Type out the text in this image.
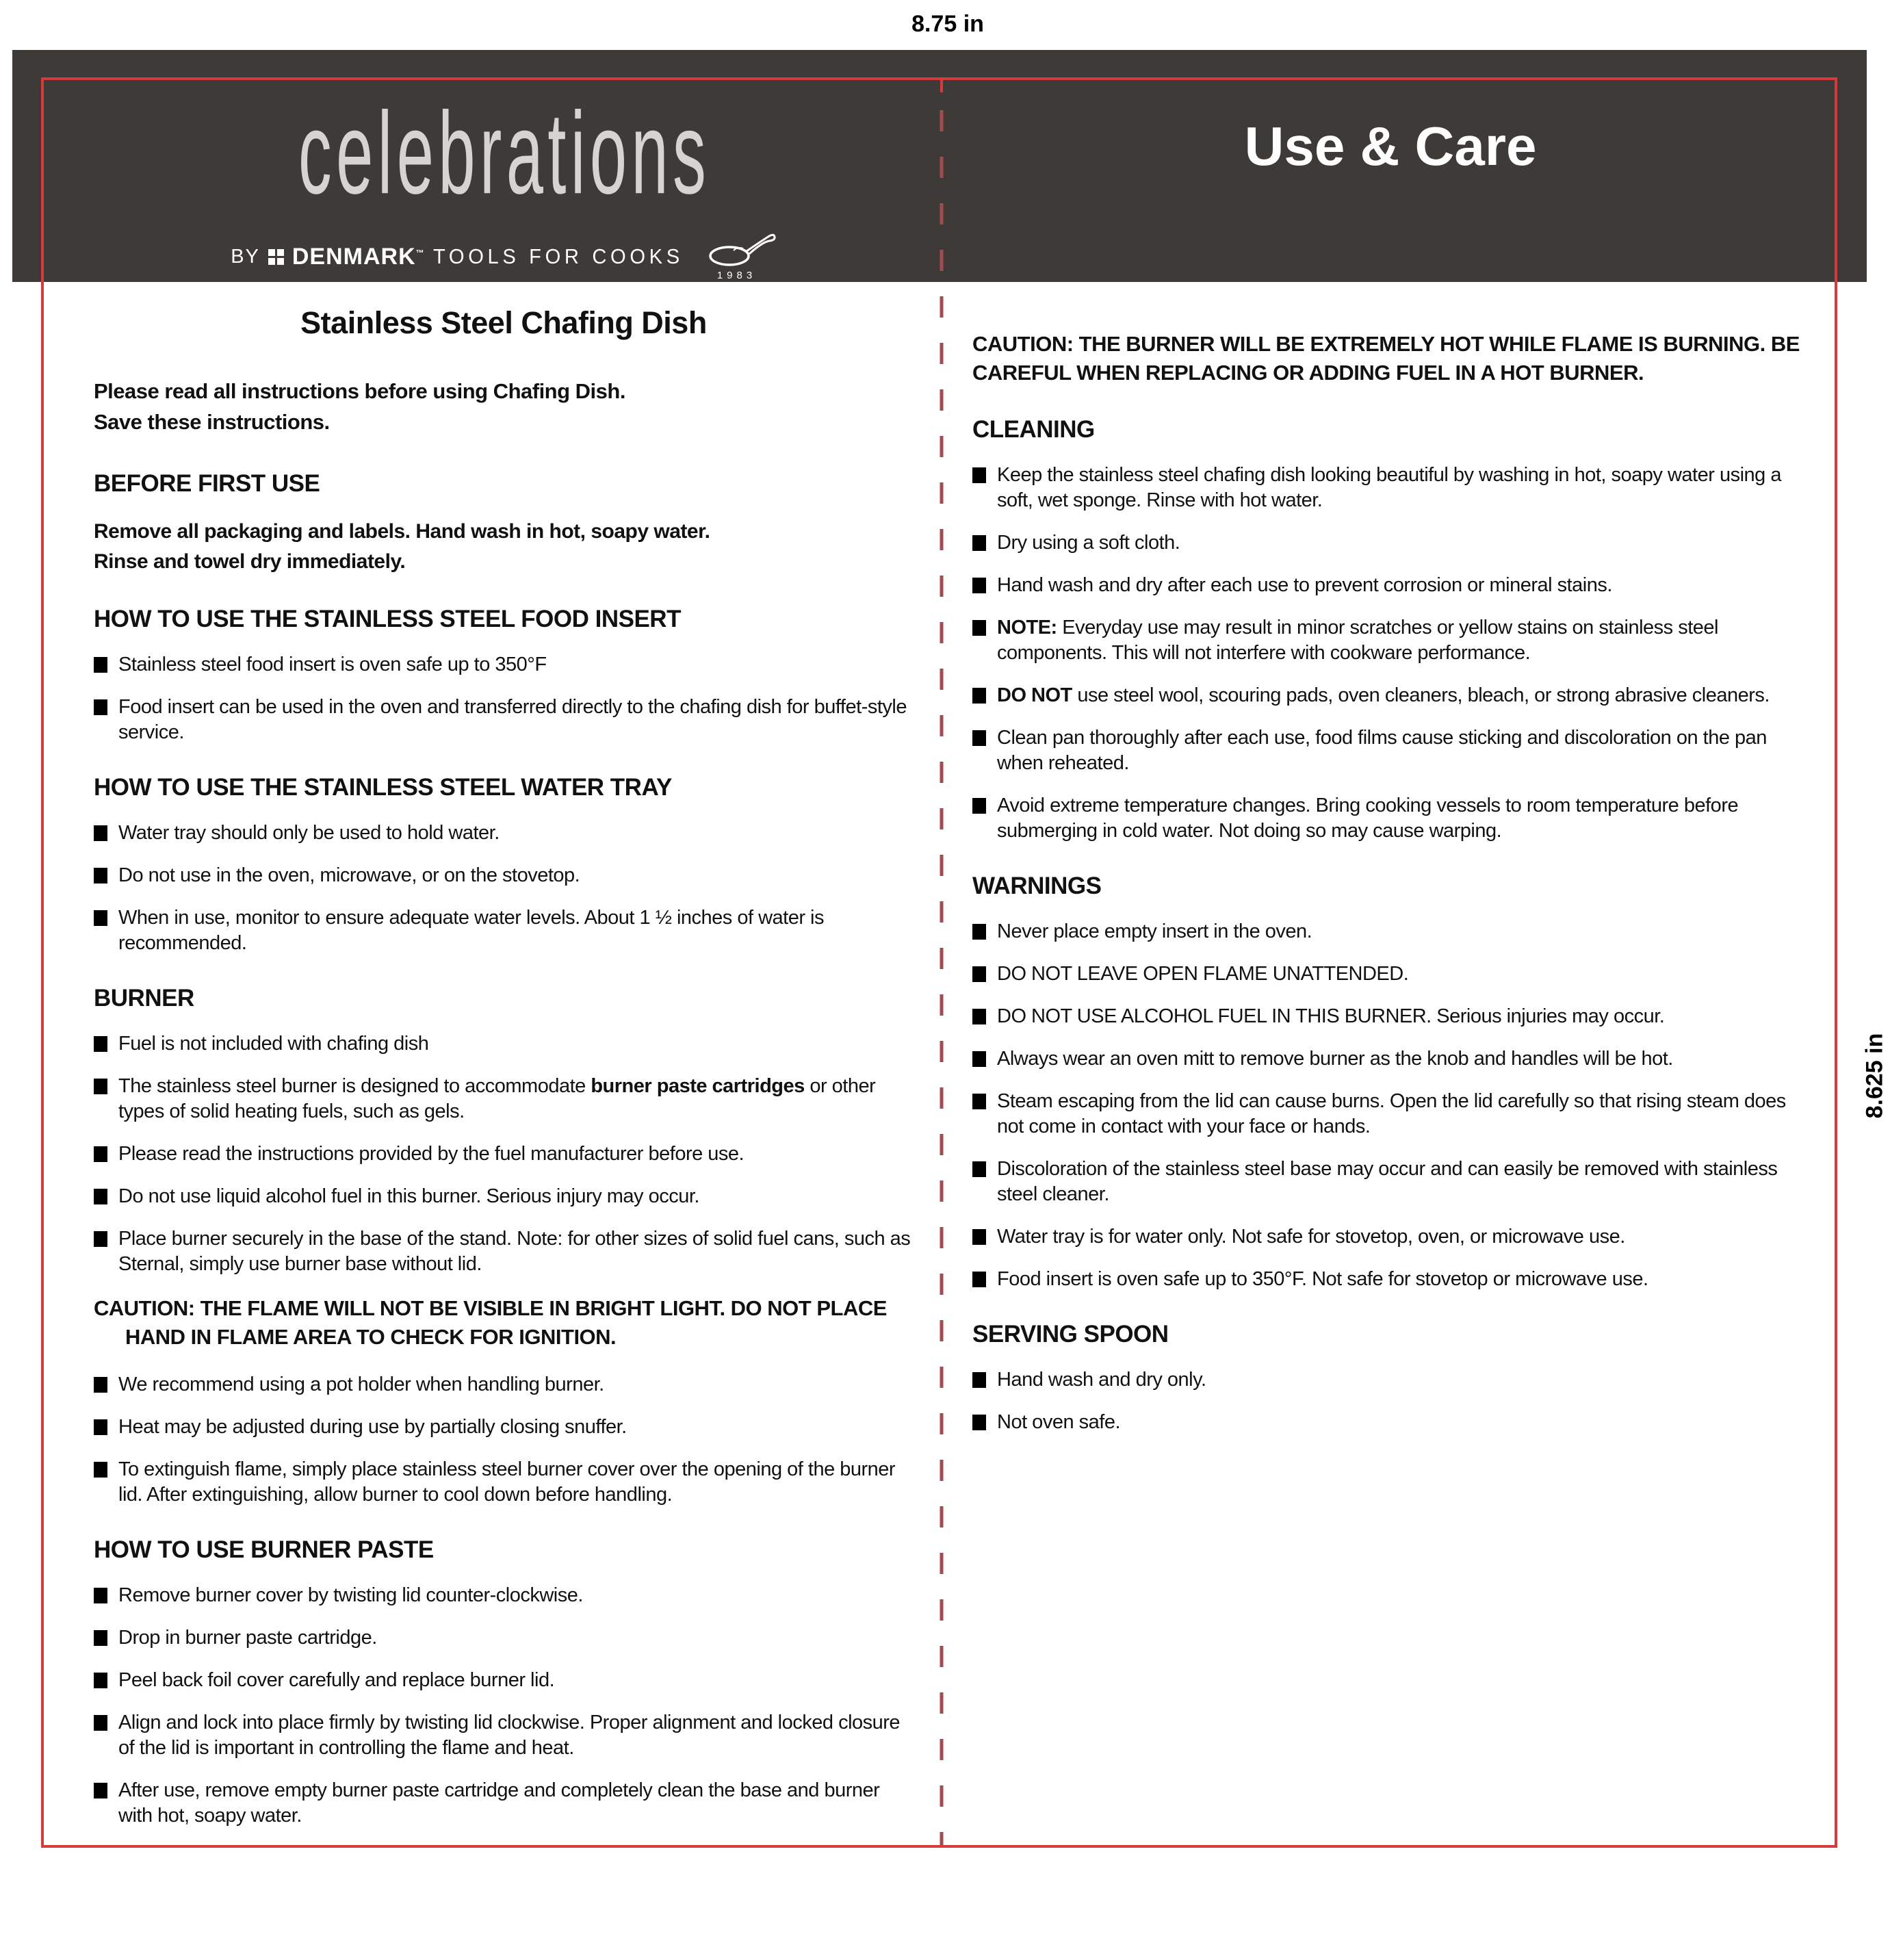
8.75 in
8.625 in
celebrations
BY DENMARK™ TOOLS FOR COOKS
1983
Use & Care
Stainless Steel Chafing Dish
Please read all instructions before using Chafing Dish.
Save these instructions.
BEFORE FIRST USE
Remove all packaging and labels. Hand wash in hot, soapy water.
Rinse and towel dry immediately.
HOW TO USE THE STAINLESS STEEL FOOD INSERT
Stainless steel food insert is oven safe up to 350°F
Food insert can be used in the oven and transferred directly to the chafing dish for buffet-style service.
HOW TO USE THE STAINLESS STEEL WATER TRAY
Water tray should only be used to hold water.
Do not use in the oven, microwave, or on the stovetop.
When in use, monitor to ensure adequate water levels. About 1 ½ inches of water is recommended.
BURNER
Fuel is not included with chafing dish
The stainless steel burner is designed to accommodate burner paste cartridges or other types of solid heating fuels, such as gels.
Please read the instructions provided by the fuel manufacturer before use.
Do not use liquid alcohol fuel in this burner. Serious injury may occur.
Place burner securely in the base of the stand. Note: for other sizes of solid fuel cans, such as Sternal, simply use burner base without lid.
CAUTION: THE FLAME WILL NOT BE VISIBLE IN BRIGHT LIGHT. DO NOT PLACE HAND IN FLAME AREA TO CHECK FOR IGNITION.
We recommend using a pot holder when handling burner.
Heat may be adjusted during use by partially closing snuffer.
To extinguish flame, simply place stainless steel burner cover over the opening of the burner lid. After extinguishing, allow burner to cool down before handling.
HOW TO USE BURNER PASTE
Remove burner cover by twisting lid counter-clockwise.
Drop in burner paste cartridge.
Peel back foil cover carefully and replace burner lid.
Align and lock into place firmly by twisting lid clockwise. Proper alignment and locked closure of the lid is important in controlling the flame and heat.
After use, remove empty burner paste cartridge and completely clean the base and burner with hot, soapy water.
CAUTION: THE BURNER WILL BE EXTREMELY HOT WHILE FLAME IS BURNING. BE CAREFUL WHEN REPLACING OR ADDING FUEL IN A HOT BURNER.
CLEANING
Keep the stainless steel chafing dish looking beautiful by washing in hot, soapy water using a soft, wet sponge. Rinse with hot water.
Dry using a soft cloth.
Hand wash and dry after each use to prevent corrosion or mineral stains.
NOTE: Everyday use may result in minor scratches or yellow stains on stainless steel components. This will not interfere with cookware performance.
DO NOT use steel wool, scouring pads, oven cleaners, bleach, or strong abrasive cleaners.
Clean pan thoroughly after each use, food films cause sticking and discoloration on the pan when reheated.
Avoid extreme temperature changes. Bring cooking vessels to room temperature before submerging in cold water. Not doing so may cause warping.
WARNINGS
Never place empty insert in the oven.
DO NOT LEAVE OPEN FLAME UNATTENDED.
DO NOT USE ALCOHOL FUEL IN THIS BURNER. Serious injuries may occur.
Always wear an oven mitt to remove burner as the knob and handles will be hot.
Steam escaping from the lid can cause burns. Open the lid carefully so that rising steam does not come in contact with your face or hands.
Discoloration of the stainless steel base may occur and can easily be removed with stainless steel cleaner.
Water tray is for water only. Not safe for stovetop, oven, or microwave use.
Food insert is oven safe up to 350°F. Not safe for stovetop or microwave use.
SERVING SPOON
Hand wash and dry only.
Not oven safe.
